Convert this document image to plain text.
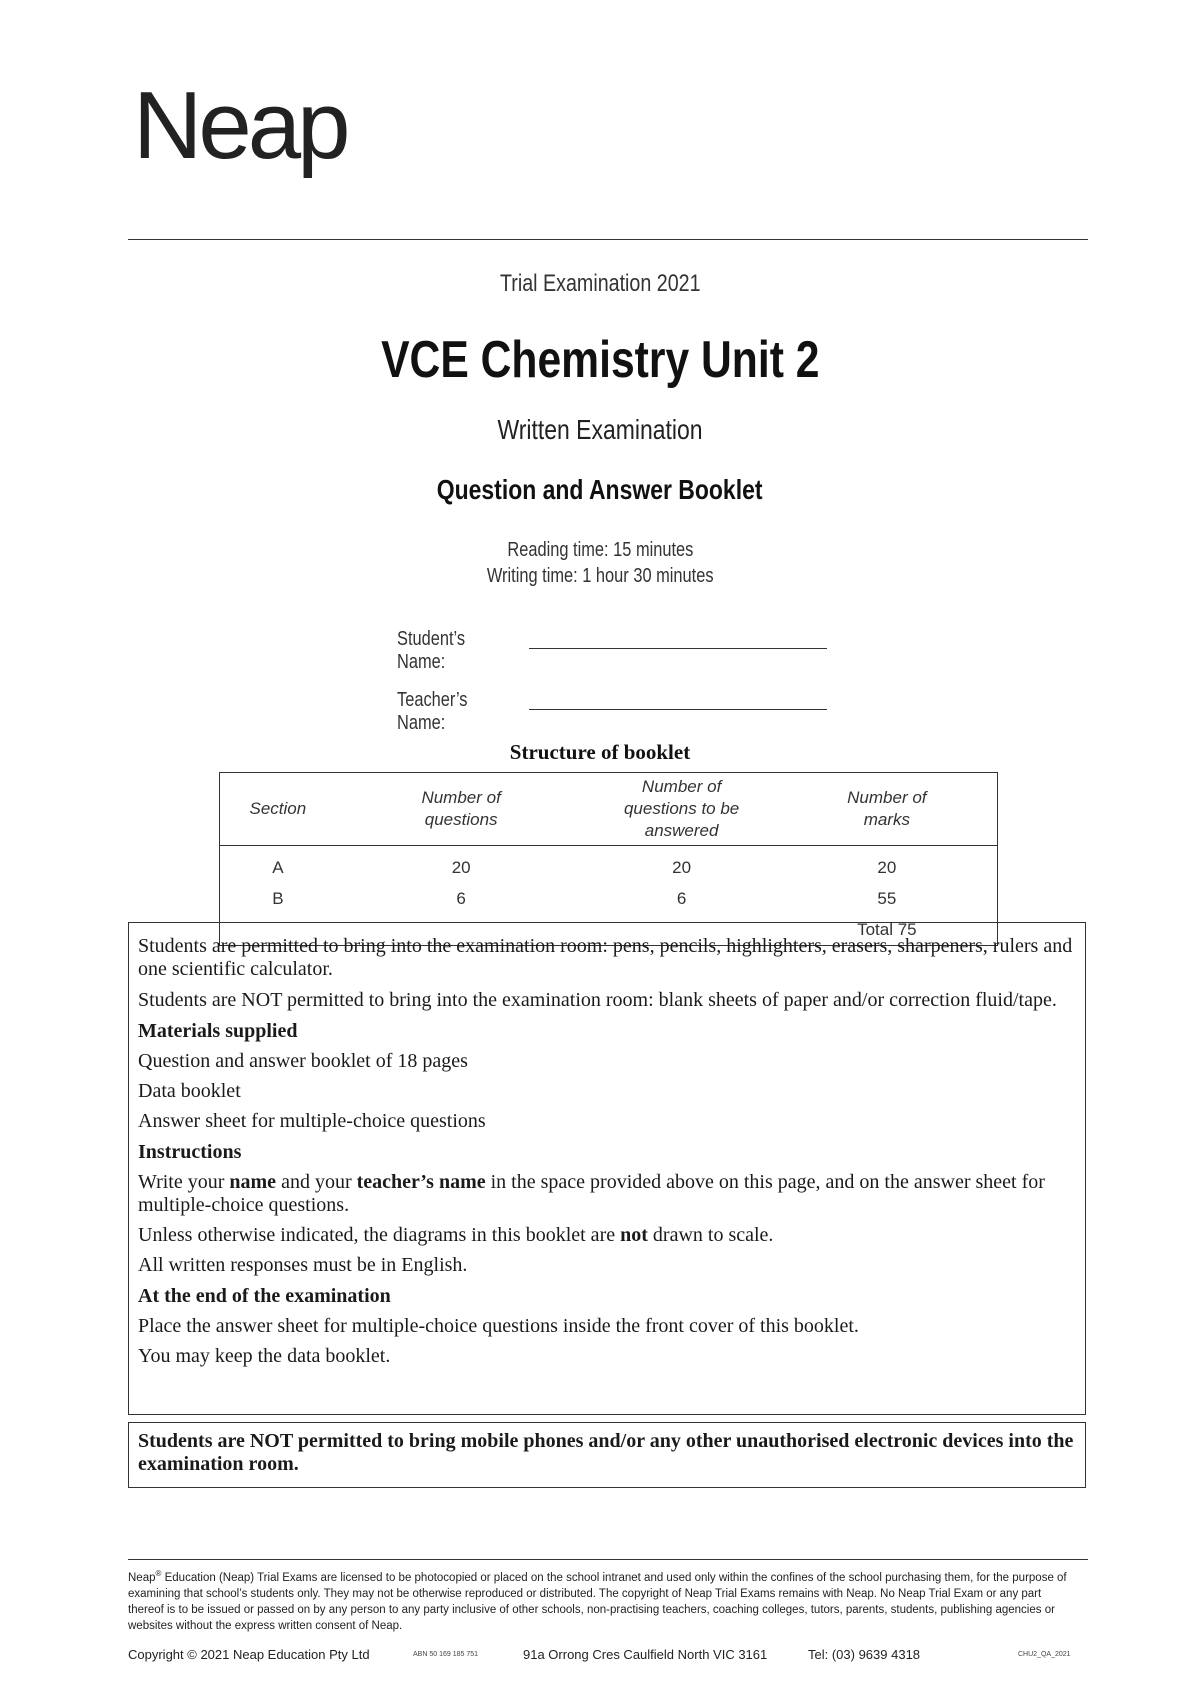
Neap
Trial Examination 2021
VCE Chemistry Unit 2
Written Examination
Question and Answer Booklet
Reading time: 15 minutes
Writing time: 1 hour 30 minutes
Student’s Name:
Teacher’s Name:
Structure of booklet
Section	Number of questions	Number of questions to be answered	Number of marks
A	20	20	20
B	6	6	55
			Total 75

Students are permitted to bring into the examination room: pens, pencils, highlighters, erasers, sharpeners, rulers and one scientific calculator.

Students are NOT permitted to bring into the examination room: blank sheets of paper and/or correction fluid/tape.

Materials supplied

Question and answer booklet of 18 pages

Data booklet

Answer sheet for multiple-choice questions

Instructions

Write your name and your teacher’s name in the space provided above on this page, and on the answer sheet for multiple-choice questions.

Unless otherwise indicated, the diagrams in this booklet are not drawn to scale.

All written responses must be in English.

At the end of the examination

Place the answer sheet for multiple-choice questions inside the front cover of this booklet.

You may keep the data booklet.

Students are NOT permitted to bring mobile phones and/or any other unauthorised electronic devices into the examination room.

Neap® Education (Neap) Trial Exams are licensed to be photocopied or placed on the school intranet and used only within the confines of the school purchasing them, for the purpose of examining that school’s students only. They may not be otherwise reproduced or distributed. The copyright of Neap Trial Exams remains with Neap. No Neap Trial Exam or any part thereof is to be issued or passed on by any person to any party inclusive of other schools, non-practising teachers, coaching colleges, tutors, parents, students, publishing agencies or websites without the express written consent of Neap.
Copyright © 2021 Neap Education Pty Ltd	ABN 50 169 185 751	91a Orrong Cres Caulfield North VIC 3161	Tel: (03) 9639 4318	CHU2_QA_2021
